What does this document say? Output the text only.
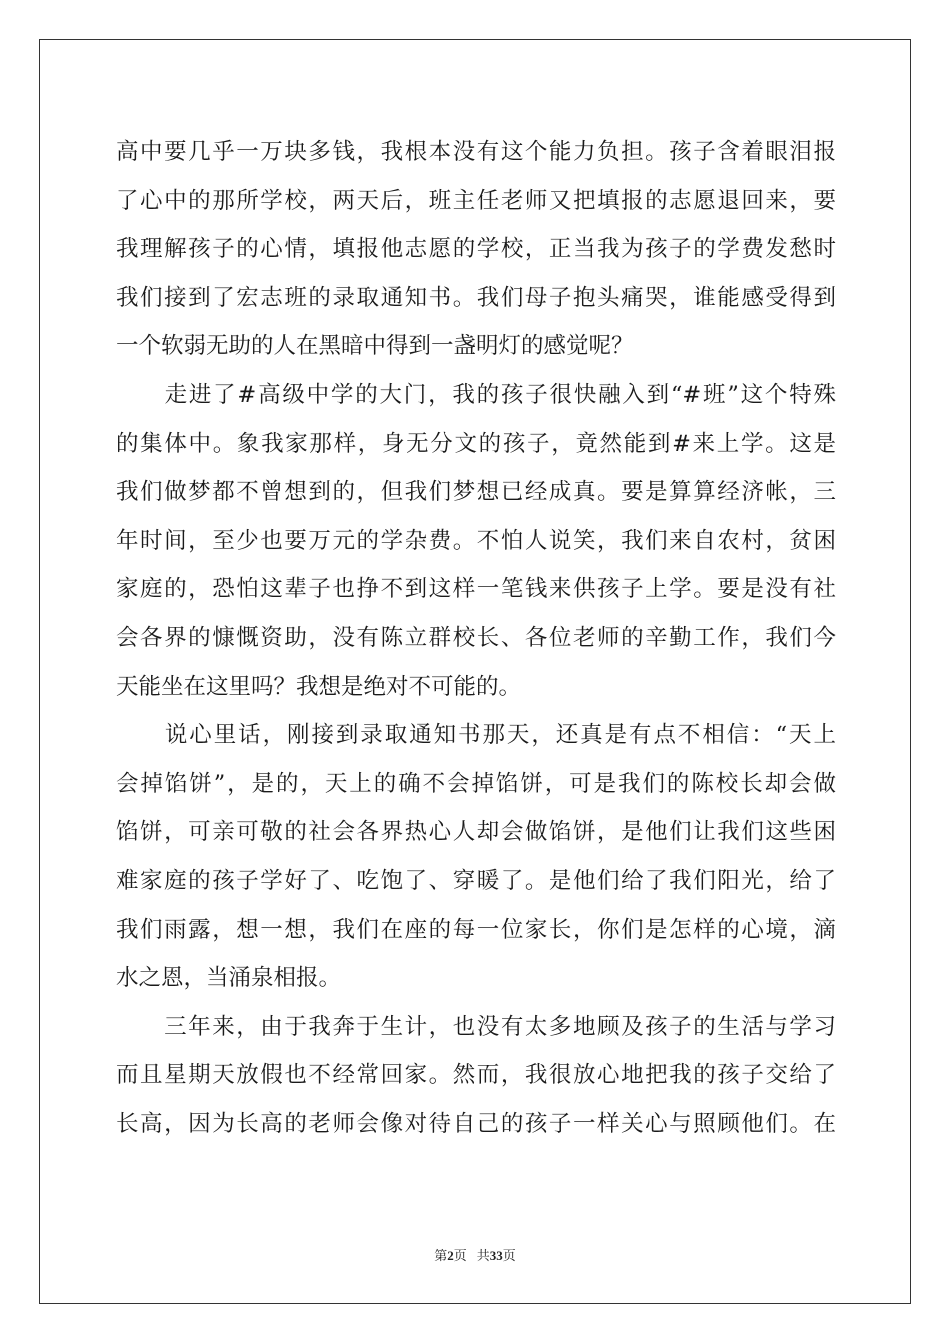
高中要几乎一万块多钱，我根本没有这个能力负担。孩子含着眼泪报
了心中的那所学校，两天后，班主任老师又把填报的志愿退回来，要
我理解孩子的心情，填报他志愿的学校，正当我为孩子的学费发愁时
我们接到了宏志班的录取通知书。我们母子抱头痛哭，谁能感受得到
一个软弱无助的人在黑暗中得到一盏明灯的感觉呢？
　　走进了#高级中学的大门，我的孩子很快融入到“#班”这个特殊
的集体中。象我家那样，身无分文的孩子，竟然能到#来上学。这是
我们做梦都不曾想到的，但我们梦想已经成真。要是算算经济帐，三
年时间，至少也要万元的学杂费。不怕人说笑，我们来自农村，贫困
家庭的，恐怕这辈子也挣不到这样一笔钱来供孩子上学。要是没有社
会各界的慷慨资助，没有陈立群校长、各位老师的辛勤工作，我们今
天能坐在这里吗？我想是绝对不可能的。
　　说心里话，刚接到录取通知书那天，还真是有点不相信：“天上
会掉馅饼”，是的，天上的确不会掉馅饼，可是我们的陈校长却会做
馅饼，可亲可敬的社会各界热心人却会做馅饼，是他们让我们这些困
难家庭的孩子学好了、吃饱了、穿暖了。是他们给了我们阳光，给了
我们雨露，想一想，我们在座的每一位家长，你们是怎样的心境，滴
水之恩，当涌泉相报。
　　三年来，由于我奔于生计，也没有太多地顾及孩子的生活与学习
而且星期天放假也不经常回家。然而，我很放心地把我的孩子交给了
长高，因为长高的老师会像对待自己的孩子一样关心与照顾他们。在
第2页 共33页
